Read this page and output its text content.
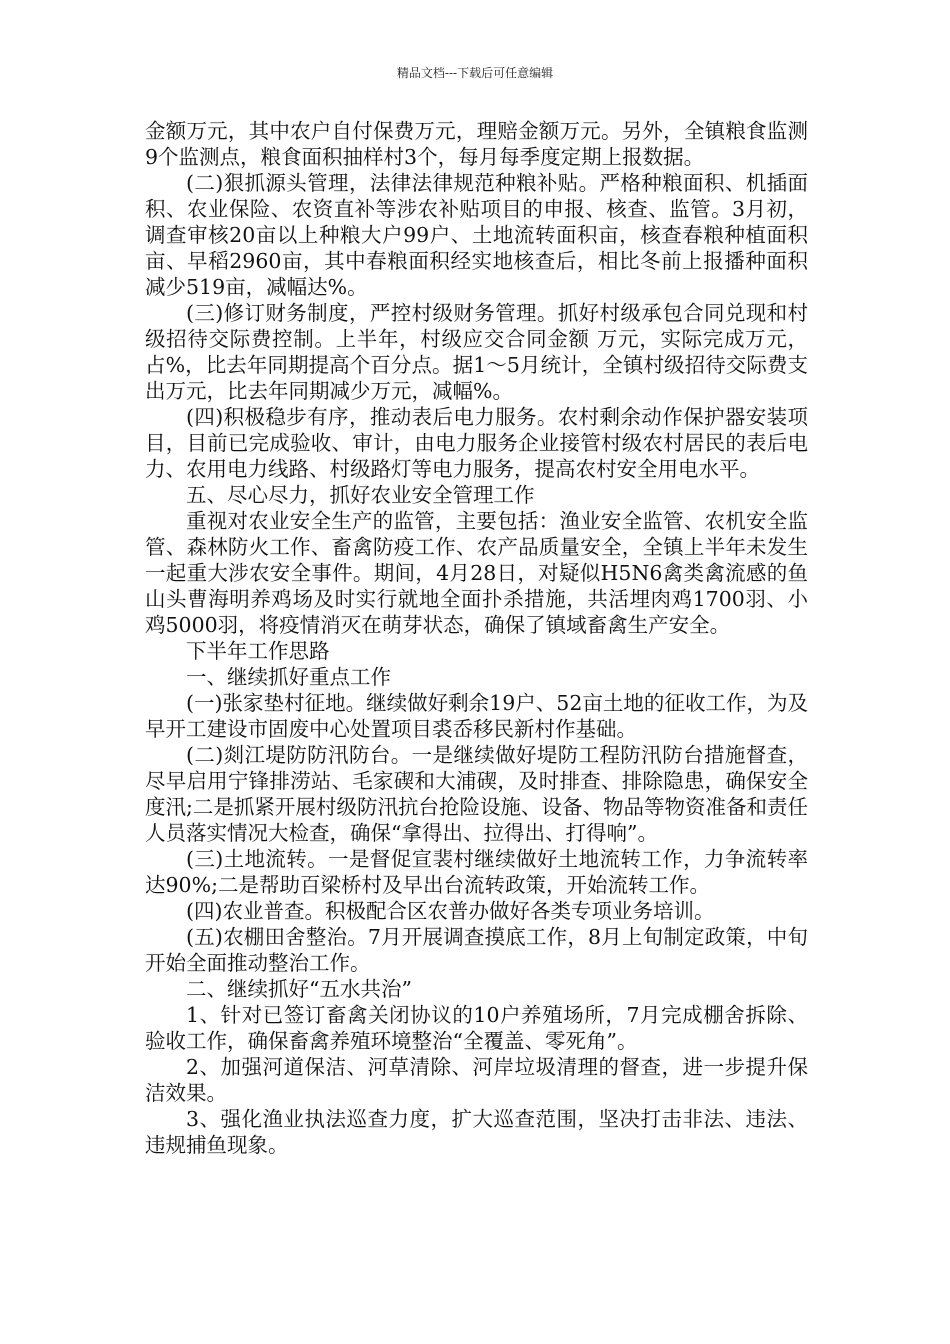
精品文档---下载后可任意编辑

金额万元，其中农户自付保费万元，理赔金额万元。另外，全镇粮食监测9个监测点，粮食面积抽样村3个，每月每季度定期上报数据。

(二)狠抓源头管理，法律法律规范种粮补贴。严格种粮面积、机插面积、农业保险、农资直补等涉农补贴项目的申报、核查、监管。3月初，调查审核20亩以上种粮大户99户、土地流转面积亩，核查春粮种植面积亩、早稻2960亩，其中春粮面积经实地核查后，相比冬前上报播种面积减少519亩，减幅达%。

(三)修订财务制度，严控村级财务管理。抓好村级承包合同兑现和村级招待交际费控制。上半年，村级应交合同金额 万元，实际完成万元，占%，比去年同期提高个百分点。据1～5月统计，全镇村级招待交际费支出万元，比去年同期减少万元，减幅%。

(四)积极稳步有序，推动表后电力服务。农村剩余动作保护器安装项目，目前已完成验收、审计，由电力服务企业接管村级农村居民的表后电力、农用电力线路、村级路灯等电力服务，提高农村安全用电水平。

五、尽心尽力，抓好农业安全管理工作

重视对农业安全生产的监管，主要包括：渔业安全监管、农机安全监管、森林防火工作、畜禽防疫工作、农产品质量安全，全镇上半年未发生一起重大涉农安全事件。期间，4月28日，对疑似H5N6禽类禽流感的鱼山头曹海明养鸡场及时实行就地全面扑杀措施，共活埋肉鸡1700羽、小鸡5000羽，将疫情消灭在萌芽状态，确保了镇域畜禽生产安全。

下半年工作思路

一、继续抓好重点工作

(一)张家垫村征地。继续做好剩余19户、52亩土地的征收工作，为及早开工建设市固废中心处置项目裘岙移民新村作基础。

(二)剡江堤防防汛防台。一是继续做好堤防工程防汛防台措施督查，尽早启用宁锋排涝站、毛家碶和大浦碶，及时排查、排除隐患，确保安全度汛;二是抓紧开展村级防汛抗台抢险设施、设备、物品等物资准备和责任人员落实情况大检查，确保“拿得出、拉得出、打得响”。

(三)土地流转。一是督促宣裴村继续做好土地流转工作，力争流转率达90%;二是帮助百梁桥村及早出台流转政策，开始流转工作。

(四)农业普查。积极配合区农普办做好各类专项业务培训。

(五)农棚田舍整治。7月开展调查摸底工作，8月上旬制定政策，中旬开始全面推动整治工作。

二、继续抓好“五水共治”

1、针对已签订畜禽关闭协议的10户养殖场所，7月完成棚舍拆除、验收工作，确保畜禽养殖环境整治“全覆盖、零死角”。

2、加强河道保洁、河草清除、河岸垃圾清理的督查，进一步提升保洁效果。

3、强化渔业执法巡查力度，扩大巡查范围，坚决打击非法、违法、违规捕鱼现象。
